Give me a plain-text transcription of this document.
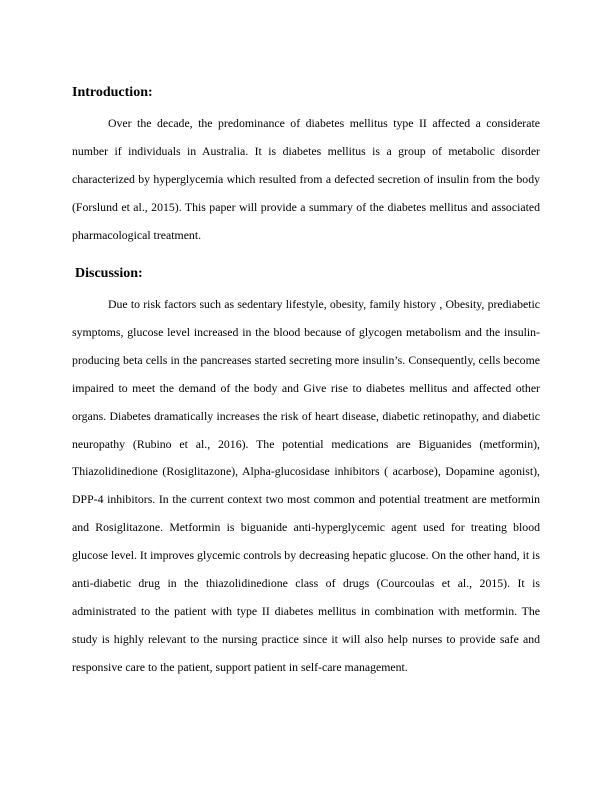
Introduction:

Over the decade, the predominance of diabetes mellitus type II affected a considerate number if individuals in Australia. It is diabetes mellitus is a group of metabolic disorder characterized by hyperglycemia which resulted from a defected secretion of insulin from the body (Forslund et al., 2015). This paper will provide a summary of the diabetes mellitus and associated pharmacological treatment.

Discussion:

Due to risk factors such as sedentary lifestyle, obesity, family history , Obesity, prediabetic symptoms, glucose level increased in the blood because of glycogen metabolism and the insulin-producing beta cells in the pancreases started secreting more insulin’s. Consequently, cells become impaired to meet the demand of the body and Give rise to diabetes mellitus and affected other organs. Diabetes dramatically increases the risk of heart disease, diabetic retinopathy, and diabetic neuropathy (Rubino et al., 2016). The potential medications are Biguanides (metformin), Thiazolidinedione (Rosiglitazone), Alpha-glucosidase inhibitors ( acarbose), Dopamine agonist), DPP-4 inhibitors. In the current context two most common and potential treatment are metformin and Rosiglitazone. Metformin is biguanide anti-hyperglycemic agent used for treating blood glucose level. It improves glycemic controls by decreasing hepatic glucose. On the other hand, it is anti-diabetic drug in the thiazolidinedione class of drugs (Courcoulas et al., 2015). It is administrated to the patient with type II diabetes mellitus in combination with metformin. The study is highly relevant to the nursing practice since it will also help nurses to provide safe and responsive care to the patient, support patient in self-care management.
